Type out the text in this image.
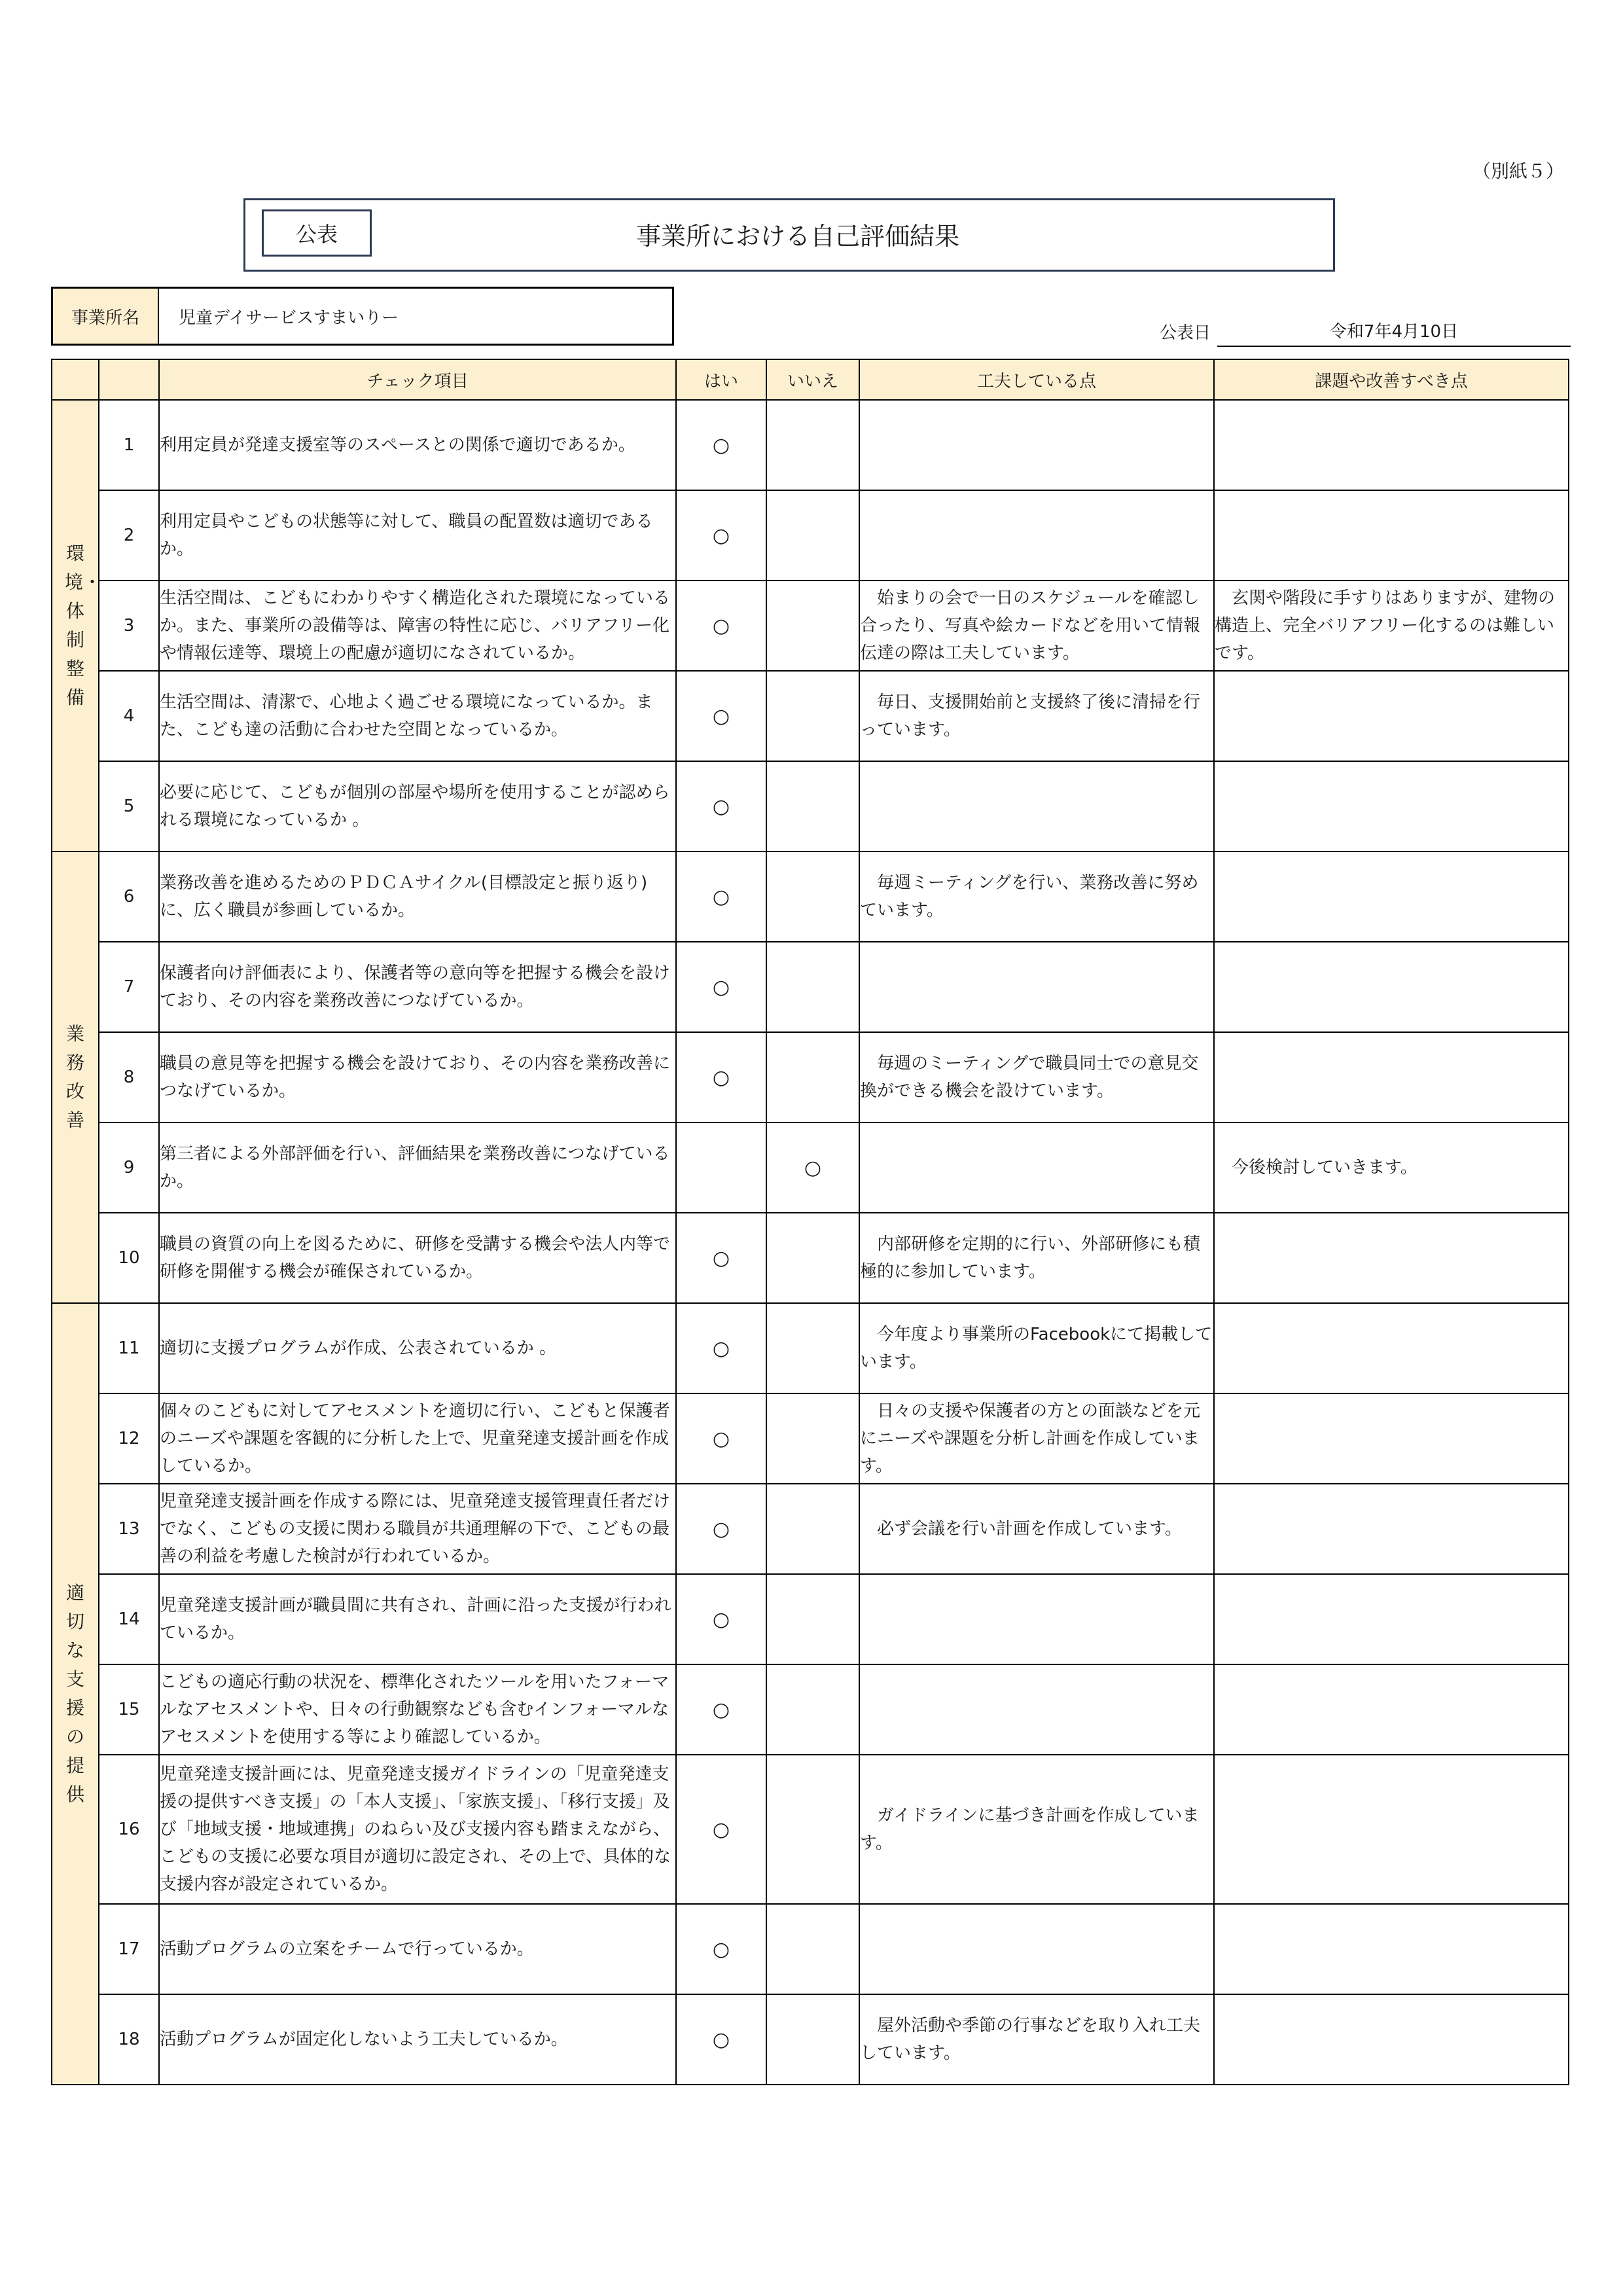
（別紙５）
公表	事業所における自己評価結果
事業所名	児童デイサービスすまいりー
公表日	令和7年4月10日
		チェック項目	はい	いいえ	工夫している点	課題や改善すべき点

環境・体制整備	1	利用定員が発達支援室等のスペースとの関係で適切であるか。	○			
	2	利用定員やこどもの状態等に対して、職員の配置数は適切であるか。	○			
	3	生活空間は、こどもにわかりやすく構造化された環境になっているか。また、事業所の設備等は、障害の特性に応じ、バリアフリー化や情報伝達等、環境上の配慮が適切になされているか。	○		　始まりの会で一日のスケジュールを確認し合ったり、写真や絵カードなどを用いて情報伝達の際は工夫しています。	　玄関や階段に手すりはありますが、建物の構造上、完全バリアフリー化するのは難しいです。
	4	生活空間は、清潔で、心地よく過ごせる環境になっているか。また、こども達の活動に合わせた空間となっているか。	○		　毎日、支援開始前と支援終了後に清掃を行っています。	
	5	必要に応じて、こどもが個別の部屋や場所を使用することが認められる環境になっているか 。	○			

業務改善	6	業務改善を進めるためのＰＤＣＡサイクル(目標設定と振り返り)に、広く職員が参画しているか。	○		　毎週ミーティングを行い、業務改善に努めています。	
	7	保護者向け評価表により、保護者等の意向等を把握する機会を設けており、その内容を業務改善につなげているか。	○			
	8	職員の意見等を把握する機会を設けており、その内容を業務改善につなげているか。	○		　毎週のミーティングで職員同士での意見交換ができる機会を設けています。	
	9	第三者による外部評価を行い、評価結果を業務改善につなげているか。		○		　今後検討していきます。
	10	職員の資質の向上を図るために、研修を受講する機会や法人内等で研修を開催する機会が確保されているか。	○		　内部研修を定期的に行い、外部研修にも積極的に参加しています。	

適切な支援の提供	11	適切に支援プログラムが作成、公表されているか 。	○		　今年度より事業所のFacebookにて掲載しています。	
	12	個々のこどもに対してアセスメントを適切に行い、こどもと保護者のニーズや課題を客観的に分析した上で、児童発達支援計画を作成しているか。	○		　日々の支援や保護者の方との面談などを元にニーズや課題を分析し計画を作成しています。	
	13	児童発達支援計画を作成する際には、児童発達支援管理責任者だけでなく、こどもの支援に関わる職員が共通理解の下で、こどもの最善の利益を考慮した検討が行われているか。	○		　必ず会議を行い計画を作成しています。	
	14	児童発達支援計画が職員間に共有され、計画に沿った支援が行われているか。	○			
	15	こどもの適応行動の状況を、標準化されたツールを用いたフォーマルなアセスメントや、日々の行動観察なども含むインフォーマルなアセスメントを使用する等により確認しているか。	○			
	16	児童発達支援計画には、児童発達支援ガイドラインの「児童発達支援の提供すべき支援」の「本人支援」、「家族支援」、「移行支援」及び「地域支援・地域連携」のねらい及び支援内容も踏まえながら、こどもの支援に必要な項目が適切に設定され、その上で、具体的な支援内容が設定されているか。	○		　ガイドラインに基づき計画を作成しています。	
	17	活動プログラムの立案をチームで行っているか。	○			
	18	活動プログラムが固定化しないよう工夫しているか。	○		　屋外活動や季節の行事などを取り入れ工夫しています。	
